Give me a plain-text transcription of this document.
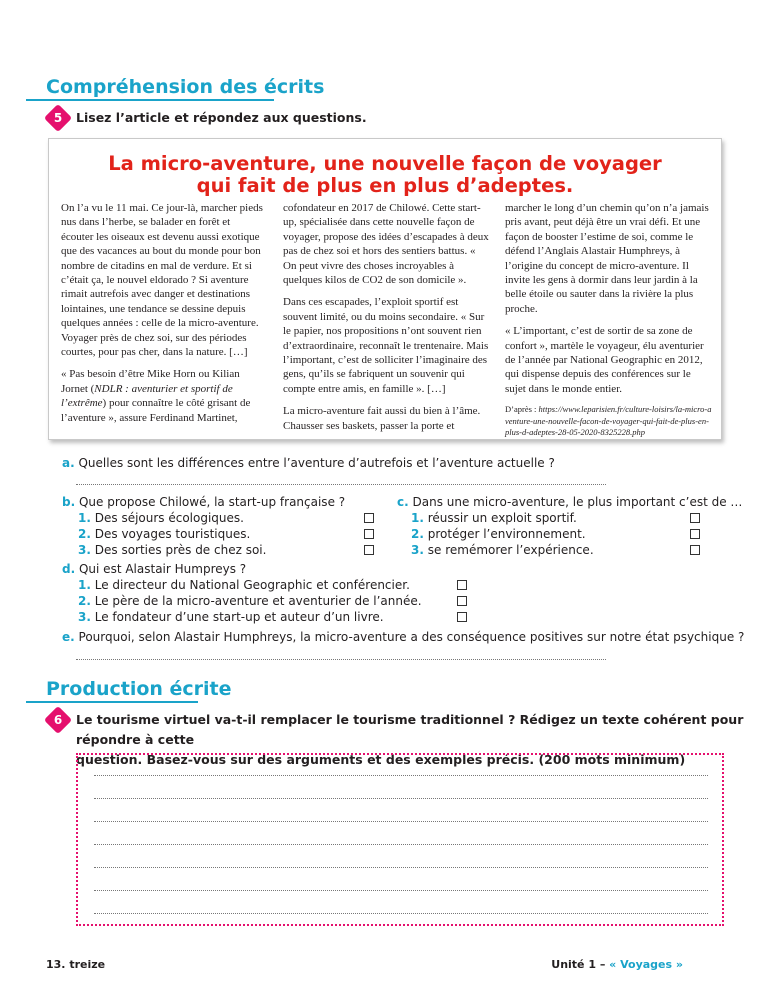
Compréhension des écrits
5	Lisez l’article et répondez aux questions.
La micro-aventure, une nouvelle façon de voyager
qui fait de plus en plus d’adeptes.

On l’a vu le 11 mai. Ce jour-là, marcher pieds nus dans l’herbe, se balader en forêt et écouter les oiseaux est devenu aussi exotique que des vacances au bout du monde pour bon nombre de citadins en mal de verdure. Et si c’était ça, le nouvel eldorado ? Si aventure rimait autrefois avec danger et destinations lointaines, une tendance se dessine depuis quelques années : celle de la micro-aventure. Voyager près de chez soi, sur des périodes courtes, pour pas cher, dans la nature. […]

« Pas besoin d’être Mike Horn ou Kilian Jornet (NDLR : aventurier et sportif de l’extrême) pour connaître le côté grisant de l’aventure », assure Ferdinand Martinet,

cofondateur en 2017 de Chilowé. Cette start-up, spécialisée dans cette nouvelle façon de voyager, propose des idées d’escapades à deux pas de chez soi et hors des sentiers battus. « On peut vivre des choses incroyables à quelques kilos de CO2 de son domicile ».

Dans ces escapades, l’exploit sportif est souvent limité, ou du moins secondaire. « Sur le papier, nos propositions n’ont souvent rien d’extraordinaire, reconnaît le trentenaire. Mais l’important, c’est de solliciter l’imaginaire des gens, qu’ils se fabriquent un souvenir qui compte entre amis, en famille ». […]

La micro-aventure fait aussi du bien à l’âme. Chausser ses baskets, passer la porte et

marcher le long d’un chemin qu’on n’a jamais pris avant, peut déjà être un vrai défi. Et une façon de booster l’estime de soi, comme le défend l’Anglais Alastair Humphreys, à l’origine du concept de micro-aventure. Il invite les gens à dormir dans leur jardin à la belle étoile ou sauter dans la rivière la plus proche.

« L’important, c’est de sortir de sa zone de confort », martèle le voyageur, élu aventurier de l’année par National Geographic en 2012, qui dispense depuis des conférences sur le sujet dans le monde entier.

D’après : https://www.leparisien.fr/culture-loisirs/la-micro-aventure-une-nouvelle-facon-de-voyager-qui-fait-de-plus-en-plus-d-adeptes-28-05-2020-8325228.php

a. Quelles sont les différences entre l’aventure d’autrefois et l’aventure actuelle ?
b. Que propose Chilowé, la start-up française ?
1. Des séjours écologiques.
2. Des voyages touristiques.
3. Des sorties près de chez soi.
c. Dans une micro-aventure, le plus important c’est de …
1. réussir un exploit sportif.
2. protéger l’environnement.
3. se remémorer l’expérience.
d. Qui est Alastair Humpreys ?
1. Le directeur du National Geographic et conférencier.
2. Le père de la micro-aventure et aventurier de l’année.
3. Le fondateur d’une start-up et auteur d’un livre.
e. Pourquoi, selon Alastair Humphreys, la micro-aventure a des conséquence positives sur notre état psychique ?
Production écrite
6	Le tourisme virtuel va-t-il remplacer le tourisme traditionnel ? Rédigez un texte cohérent pour répondre à cette
question. Basez-vous sur des arguments et des exemples précis. (200 mots minimum)
13. treize	Unité 1 – « Voyages »
